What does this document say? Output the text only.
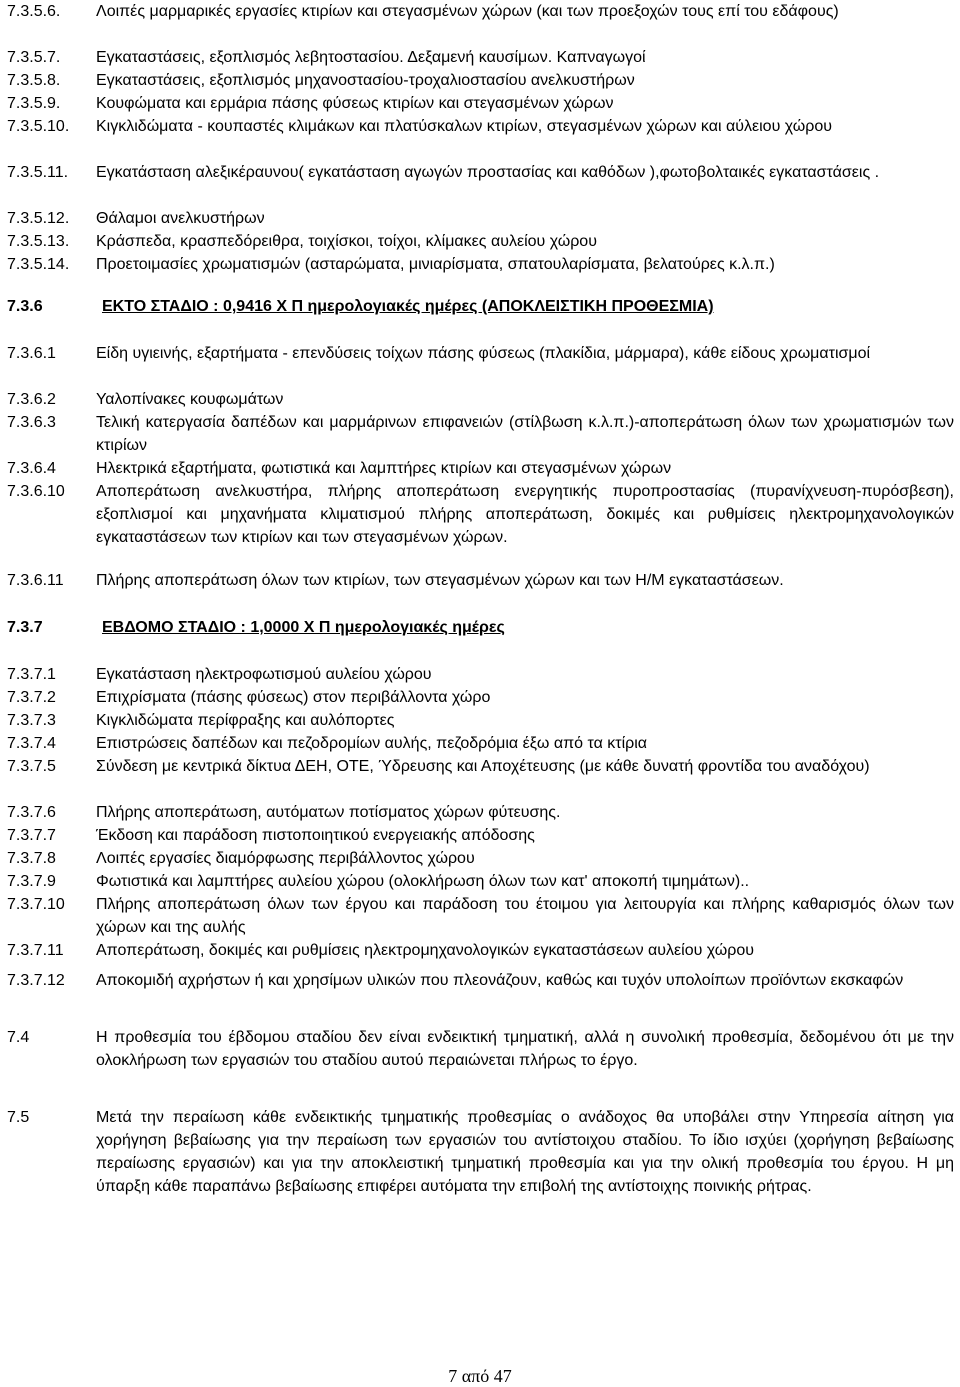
7.3.5.6. Λοιπές μαρμαρικές εργασίες κτιρίων και στεγασμένων χώρων (και των προεξοχών τους επί του εδάφους)
7.3.5.7. Εγκαταστάσεις, εξοπλισμός λεβητοστασίου. Δεξαμενή καυσίμων. Καπναγωγοί
7.3.5.8. Εγκαταστάσεις, εξοπλισμός μηχανοστασίου-τροχαλιοστασίου ανελκυστήρων
7.3.5.9. Κουφώματα και ερμάρια πάσης φύσεως κτιρίων και στεγασμένων χώρων
7.3.5.10. Κιγκλιδώματα - κουπαστές κλιμάκων και πλατύσκαλων κτιρίων, στεγασμένων χώρων και αύλειου χώρου
7.3.5.11. Εγκατάσταση αλεξικέραυνου( εγκατάσταση αγωγών προστασίας και καθόδων ),φωτοβολταικές εγκαταστάσεις .
7.3.5.12. Θάλαμοι ανελκυστήρων
7.3.5.13. Κράσπεδα, κρασπεδόρειθρα, τοιχίσκοι, τοίχοι, κλίμακες αυλείου χώρου
7.3.5.14. Προετοιμασίες χρωματισμών (ασταρώματα, μινιαρίσματα, σπατουλαρίσματα, βελατούρες κ.λ.π.)
7.3.6	ΕΚΤΟ ΣΤΑΔΙΟ : 0,9416 Χ Π ημερολογιακές ημέρες (ΑΠΟΚΛΕΙΣΤΙΚΗ ΠΡΟΘΕΣΜΙΑ)
7.3.6.1	Είδη υγιεινής, εξαρτήματα - επενδύσεις τοίχων πάσης φύσεως (πλακίδια, μάρμαρα), κάθε είδους χρωματισμοί
7.3.6.2	Υαλοπίνακες κουφωμάτων
7.3.6.3	Τελική κατεργασία δαπέδων και μαρμάρινων επιφανειών (στίλβωση κ.λ.π.)-αποπεράτωση όλων των χρωματισμών των κτιρίων
7.3.6.4	Ηλεκτρικά εξαρτήματα, φωτιστικά και λαμπτήρες κτιρίων και στεγασμένων χώρων
7.3.6.10 Αποπεράτωση ανελκυστήρα, πλήρης αποπεράτωση ενεργητικής πυροπροστασίας (πυρανίχνευση-πυρόσβεση), εξοπλισμοί και μηχανήματα κλιματισμού πλήρης αποπεράτωση, δοκιμές και ρυθμίσεις ηλεκτρομηχανολογικών εγκαταστάσεων των κτιρίων και των στεγασμένων χώρων.
7.3.6.11 Πλήρης αποπεράτωση όλων των κτιρίων, των στεγασμένων χώρων και των Η/Μ εγκαταστάσεων.
7.3.7	ΕΒΔΟΜΟ ΣΤΑΔΙΟ : 1,0000 Χ Π ημερολογιακές ημέρες
7.3.7.1	Εγκατάσταση ηλεκτροφωτισμού αυλείου χώρου
7.3.7.2	Επιχρίσματα (πάσης φύσεως) στον περιβάλλοντα χώρο
7.3.7.3	Κιγκλιδώματα περίφραξης και αυλόπορτες
7.3.7.4	Επιστρώσεις δαπέδων και πεζοδρομίων αυλής, πεζοδρόμια έξω από τα κτίρια
7.3.7.5	Σύνδεση με κεντρικά δίκτυα ΔΕΗ, ΟΤΕ, Ύδρευσης και Αποχέτευσης (με κάθε δυνατή φροντίδα του αναδόχου)
7.3.7.6	Πλήρης αποπεράτωση, αυτόματων ποτίσματος χώρων φύτευσης.
7.3.7.7	Έκδοση και παράδοση πιστοποιητικού ενεργειακής απόδοσης
7.3.7.8	Λοιπές εργασίες διαμόρφωσης περιβάλλοντος χώρου
7.3.7.9	Φωτιστικά και λαμπτήρες αυλείου χώρου (ολοκλήρωση όλων των κατ' αποκοπή τιμημάτων)..
7.3.7.10 Πλήρης αποπεράτωση όλων των έργου και παράδοση του έτοιμου για λειτουργία και πλήρης καθαρισμός όλων των χώρων και της αυλής
7.3.7.11 Αποπεράτωση, δοκιμές και ρυθμίσεις ηλεκτρομηχανολογικών εγκαταστάσεων αυλείου χώρου
7.3.7.12 Αποκομιδή αχρήστων ή και χρησίμων υλικών που πλεονάζουν, καθώς και τυχόν υπολοίπων προϊόντων εκσκαφών
7.4	Η προθεσμία του έβδομου σταδίου δεν είναι ενδεικτική τμηματική, αλλά η συνολική προθεσμία, δεδομένου ότι με την ολοκλήρωση των εργασιών του σταδίου αυτού περαιώνεται πλήρως το έργο.
7.5	Μετά την περαίωση κάθε ενδεικτικής τμηματικής προθεσμίας ο ανάδοχος θα υποβάλει στην Υπηρεσία αίτηση για χορήγηση βεβαίωσης για την περαίωση των εργασιών του αντίστοιχου σταδίου. Το ίδιο ισχύει (χορήγηση βεβαίωσης περαίωσης εργασιών) και για την αποκλειστική τμηματική προθεσμία και για την ολική προθεσμία του έργου. Η μη ύπαρξη κάθε παραπάνω βεβαίωσης επιφέρει αυτόματα την επιβολή της αντίστοιχης ποινικής ρήτρας.
7 από 47
